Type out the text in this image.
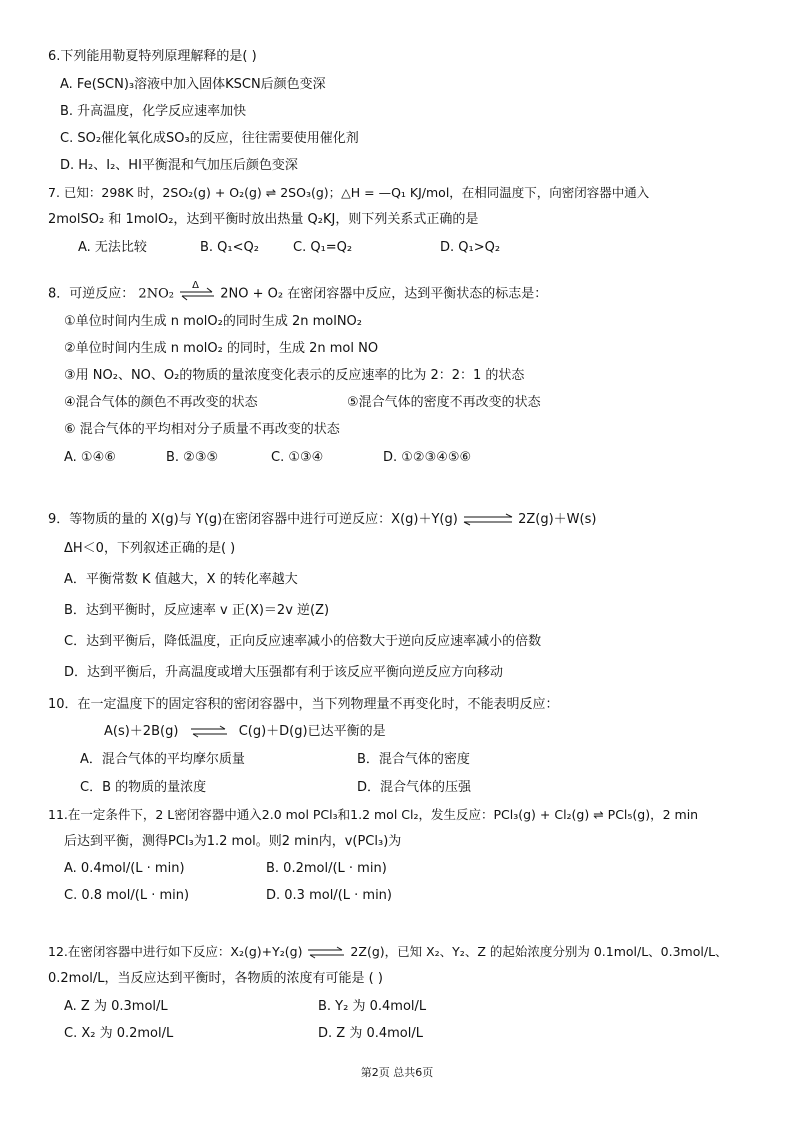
6.下列能用勒夏特列原理解释的是( )
A. Fe(SCN)₃溶液中加入固体KSCN后颜色变深
B. 升高温度，化学反应速率加快
C. SO₂催化氧化成SO₃的反应，往往需要使用催化剂
D. H₂、I₂、HI平衡混和气加压后颜色变深
7. 已知：298K 时，2SO₂(g) + O₂(g) ⇌ 2SO₃(g)；△H = —Q₁ KJ/mol，在相同温度下，向密闭容器中通入
2molSO₂ 和 1molO₂，达到平衡时放出热量 Q₂KJ，则下列关系式正确的是
A. 无法比较	B. Q₁<Q₂	C. Q₁=Q₂	D. Q₁>Q₂
8．可逆反应： 2NO₂
Δ
2NO + O₂ 在密闭容器中反应，达到平衡状态的标志是：
①单位时间内生成 n molO₂的同时生成 2n molNO₂
②单位时间内生成 n molO₂ 的同时，生成 2n mol NO
③用 NO₂、NO、O₂的物质的量浓度变化表示的反应速率的比为 2：2：1 的状态
④混合气体的颜色不再改变的状态	⑤混合气体的密度不再改变的状态
⑥ 混合气体的平均相对分子质量不再改变的状态
A. ①④⑥	B. ②③⑤	C. ①③④	D. ①②③④⑤⑥
9．等物质的量的 X(g)与 Y(g)在密闭容器中进行可逆反应：X(g)＋Y(g) ⇌ 2Z(g)＋W(s)
ΔH＜0，下列叙述正确的是( )
A．平衡常数 K 值越大，X 的转化率越大
B．达到平衡时，反应速率 v 正(X)＝2v 逆(Z)
C．达到平衡后，降低温度，正向反应速率减小的倍数大于逆向反应速率减小的倍数
D．达到平衡后，升高温度或增大压强都有利于该反应平衡向逆反应方向移动
10．在一定温度下的固定容积的密闭容器中，当下列物理量不再变化时，不能表明反应：
A(s)＋2B(g) ⇌ C(g)＋D(g)已达平衡的是
A．混合气体的平均摩尔质量	B．混合气体的密度
C．B 的物质的量浓度	D．混合气体的压强
11.在一定条件下，2 L密闭容器中通入2.0 mol PCl₃和1.2 mol Cl₂，发生反应：PCl₃(g) + Cl₂(g) ⇌ PCl₅(g)，2 min
后达到平衡，测得PCl₃为1.2 mol。则2 min内，v(PCl₃)为
A. 0.4mol/(L · min)	B. 0.2mol/(L · min)
C. 0.8 mol/(L · min)	D. 0.3 mol/(L · min)
12.在密闭容器中进行如下反应：X₂(g)+Y₂(g) ⇌ 2Z(g)，已知 X₂、Y₂、Z 的起始浓度分别为 0.1mol/L、0.3mol/L、
0.2mol/L，当反应达到平衡时，各物质的浓度有可能是 ( )
A. Z 为 0.3mol/L	B. Y₂ 为 0.4mol/L
C. X₂ 为 0.2mol/L	D. Z 为 0.4mol/L
第2页 总共6页
